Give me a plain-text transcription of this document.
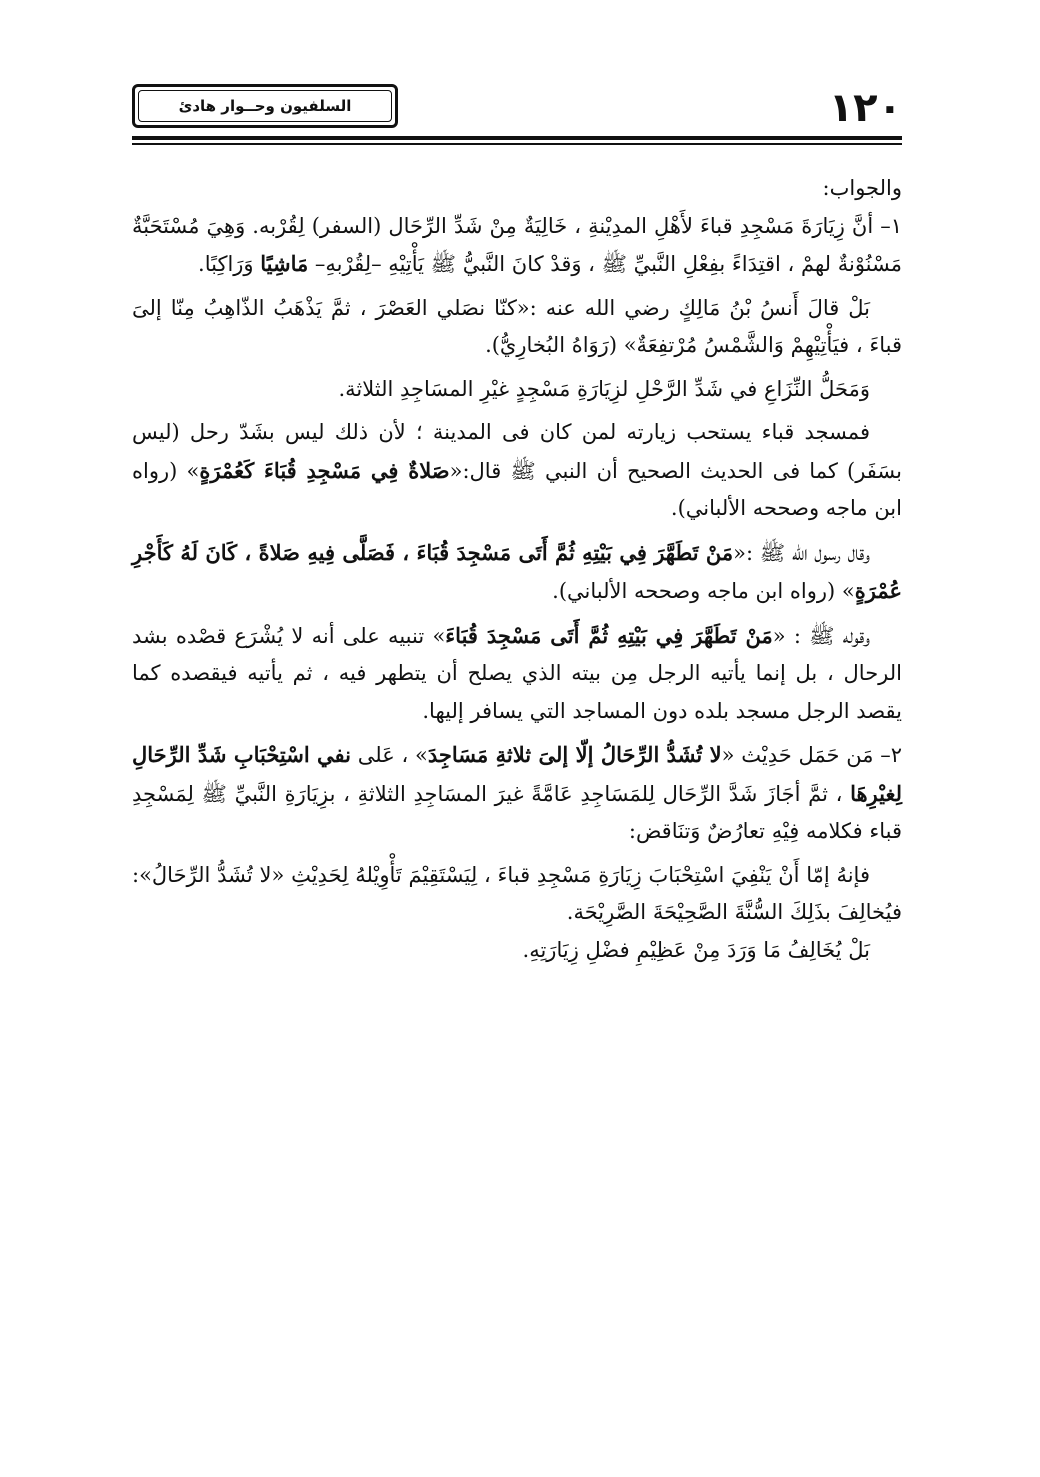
السلفيون وحــوار هادئ	١٢٠

والجواب:

١– أنَّ زِيَارَةَ مَسْجِدِ قباءَ لأَهْلِ المدِيْنةِ ، خَالِيَةٌ مِنْ شَدِّ الرِّحَال (السفر) لِقُرْبه. وَهِيَ مُسْتَحَبَّةٌ مَسْنُوْنةٌ لهمْ ، اقتِدَاءً بفِعْلِ النَّبيِّ ﷺ ، وَقدْ كانَ النَّبيُّ ﷺ يَأْتِيْهِ –لِقُرْبهِ– مَاشِيًا وَرَاكِبًا.

بَلْ قالَ أَنسُ بْنُ مَالِكٍ رضي الله عنه :«كنّا نصَلي العَصْرَ ، ثمَّ يَذْهَبُ الذّاهِبُ مِنّا إلىَ قباءَ ، فيَأْتِيْهِمْ وَالشَّمْسُ مُرْتفِعَةٌ» (رَوَاهُ البُخارِيُّ).

وَمَحَلُّ النِّزَاعِ في شَدِّ الرَّحْلِ لزِيَارَةِ مَسْجِدٍ غيْرِ المسَاجِدِ الثلاثة.

فمسجد قباء يستحب زيارته لمن كان فى المدينة ؛ لأن ذلك ليس بشَدّ رحل (ليس بسَفَر) كما فى الحديث الصحيح أن النبي ﷺ قال:«صَلاةٌ فِي مَسْجِدِ قُبَاءَ كَعُمْرَةٍ» (رواه ابن ماجه وصححه الألباني).

وقال رسول الله ﷺ :«مَنْ تَطَهَّرَ فِي بَيْتِهِ ثُمَّ أَتَى مَسْجِدَ قُبَاءَ ، فَصَلَّى فِيهِ صَلاةً ، كَانَ لَهُ كَأَجْرِ عُمْرَةٍ» (رواه ابن ماجه وصححه الألباني).

وقوله ﷺ : «مَنْ تَطَهَّرَ فِي بَيْتِهِ ثُمَّ أَتَى مَسْجِدَ قُبَاءَ» تنبيه على أنه لا يُشْرَع قصْده بشد الرحال ، بل إنما يأتيه الرجل مِن بيته الذي يصلح أن يتطهر فيه ، ثم يأتيه فيقصده كما يقصد الرجل مسجد بلده دون المساجد التي يسافر إليها.

٢– مَن حَمَل حَدِيْث «لا تُشَدُّ الرِّحَالُ إلّا إلىَ ثلاثةِ مَسَاجِدَ» ، عَلى نفي اسْتِحْبَابِ شَدِّ الرِّحَالِ لِغيْرِهَا ، ثمَّ أجَازَ شَدَّ الرِّحَال لِلمَسَاجِدِ عَامَّةً غيرَ المسَاجِدِ الثلاثةِ ، بزِيَارَةِ النَّبيِّ ﷺ لِمَسْجِدِ قباء فكلامه فِيْهِ تعارُضٌ وَتنَاقض:

فإنهُ إمّا أَنْ يَنْفِيَ اسْتِحْبَابَ زِيَارَةِ مَسْجِدِ قباءَ ، لِيَسْتَقِيْمَ تَأْوِيْلهُ لِحَدِيْثِ «لا تُشَدُّ الرِّحَالُ»: فيُخالِفَ بذَلِكَ السُّنَّةَ الصَّحِيْحَةَ الصَّرِيْحَة.

بَلْ يُخَالِفُ مَا وَرَدَ مِنْ عَظِيْمِ فضْلِ زِيَارَتِهِ.
